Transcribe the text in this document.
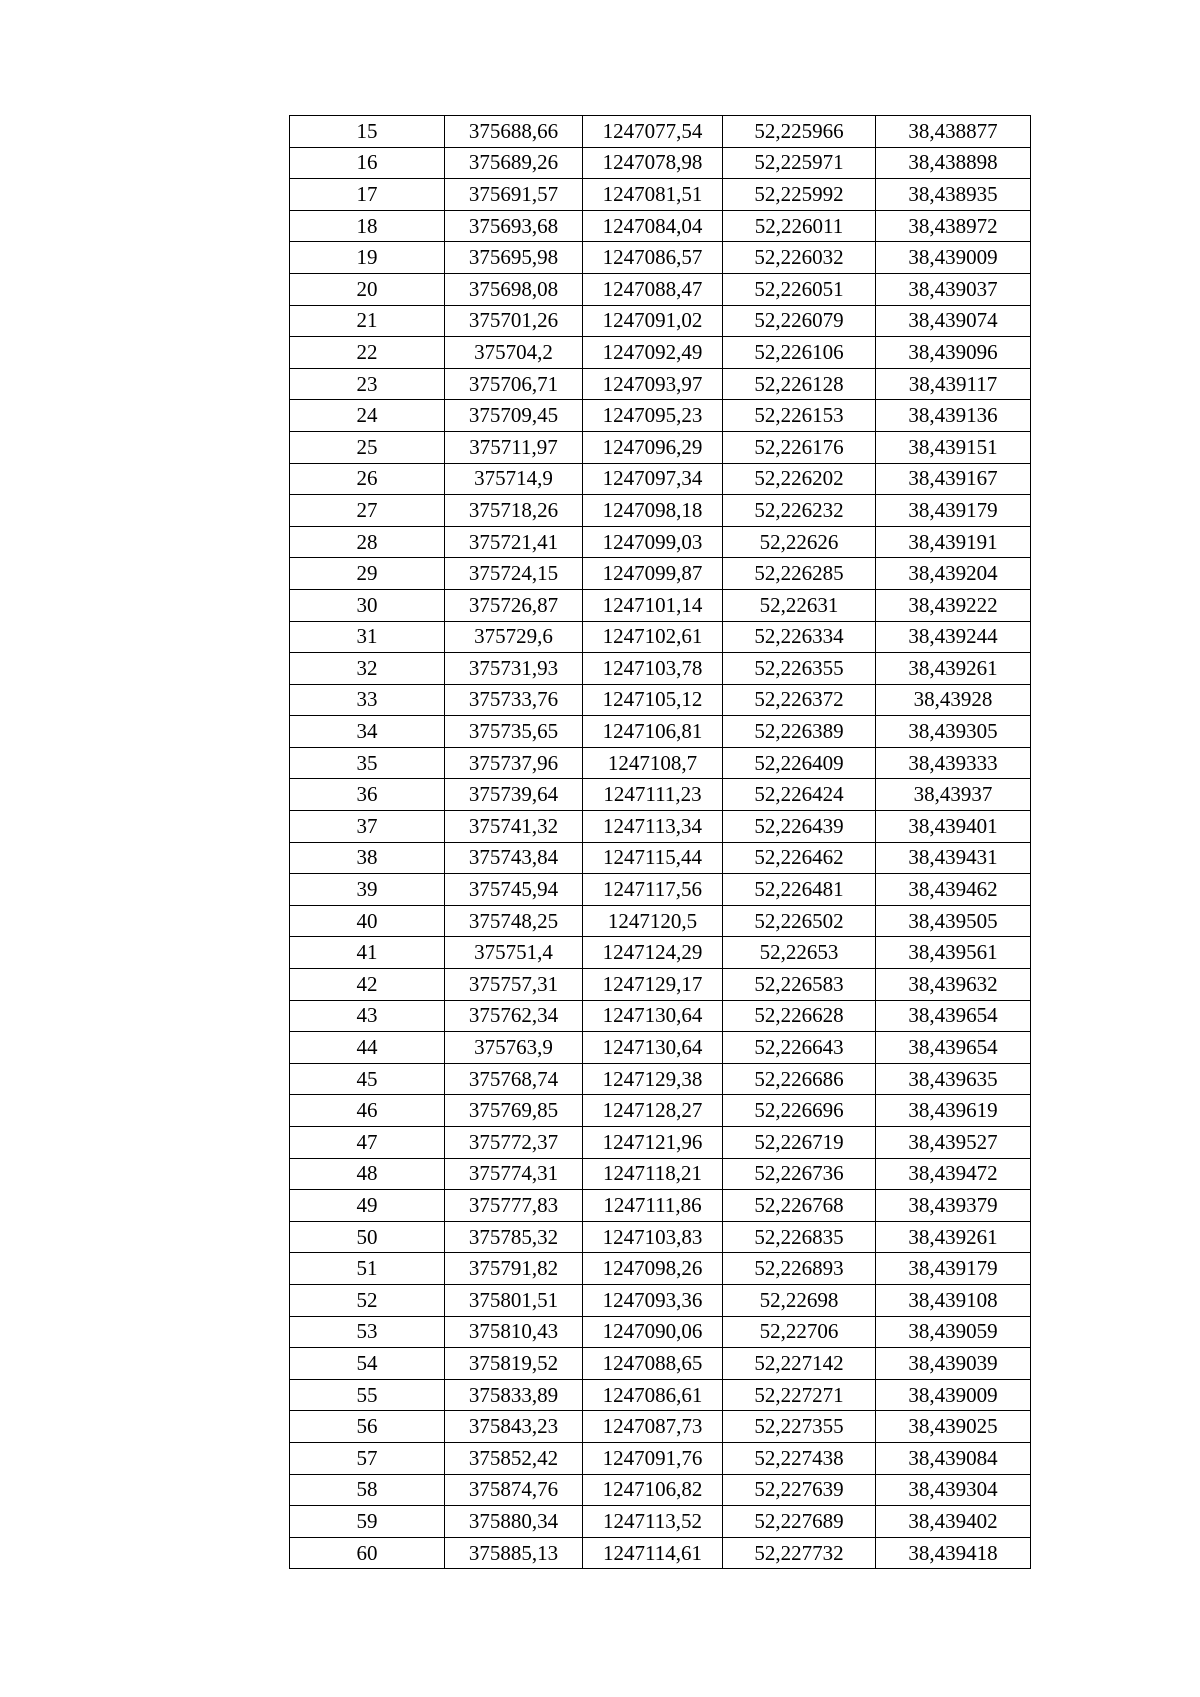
15	375688,66	1247077,54	52,225966	38,438877
16	375689,26	1247078,98	52,225971	38,438898
17	375691,57	1247081,51	52,225992	38,438935
18	375693,68	1247084,04	52,226011	38,438972
19	375695,98	1247086,57	52,226032	38,439009
20	375698,08	1247088,47	52,226051	38,439037
21	375701,26	1247091,02	52,226079	38,439074
22	375704,2	1247092,49	52,226106	38,439096
23	375706,71	1247093,97	52,226128	38,439117
24	375709,45	1247095,23	52,226153	38,439136
25	375711,97	1247096,29	52,226176	38,439151
26	375714,9	1247097,34	52,226202	38,439167
27	375718,26	1247098,18	52,226232	38,439179
28	375721,41	1247099,03	52,22626	38,439191
29	375724,15	1247099,87	52,226285	38,439204
30	375726,87	1247101,14	52,22631	38,439222
31	375729,6	1247102,61	52,226334	38,439244
32	375731,93	1247103,78	52,226355	38,439261
33	375733,76	1247105,12	52,226372	38,43928
34	375735,65	1247106,81	52,226389	38,439305
35	375737,96	1247108,7	52,226409	38,439333
36	375739,64	1247111,23	52,226424	38,43937
37	375741,32	1247113,34	52,226439	38,439401
38	375743,84	1247115,44	52,226462	38,439431
39	375745,94	1247117,56	52,226481	38,439462
40	375748,25	1247120,5	52,226502	38,439505
41	375751,4	1247124,29	52,22653	38,439561
42	375757,31	1247129,17	52,226583	38,439632
43	375762,34	1247130,64	52,226628	38,439654
44	375763,9	1247130,64	52,226643	38,439654
45	375768,74	1247129,38	52,226686	38,439635
46	375769,85	1247128,27	52,226696	38,439619
47	375772,37	1247121,96	52,226719	38,439527
48	375774,31	1247118,21	52,226736	38,439472
49	375777,83	1247111,86	52,226768	38,439379
50	375785,32	1247103,83	52,226835	38,439261
51	375791,82	1247098,26	52,226893	38,439179
52	375801,51	1247093,36	52,22698	38,439108
53	375810,43	1247090,06	52,22706	38,439059
54	375819,52	1247088,65	52,227142	38,439039
55	375833,89	1247086,61	52,227271	38,439009
56	375843,23	1247087,73	52,227355	38,439025
57	375852,42	1247091,76	52,227438	38,439084
58	375874,76	1247106,82	52,227639	38,439304
59	375880,34	1247113,52	52,227689	38,439402
60	375885,13	1247114,61	52,227732	38,439418
